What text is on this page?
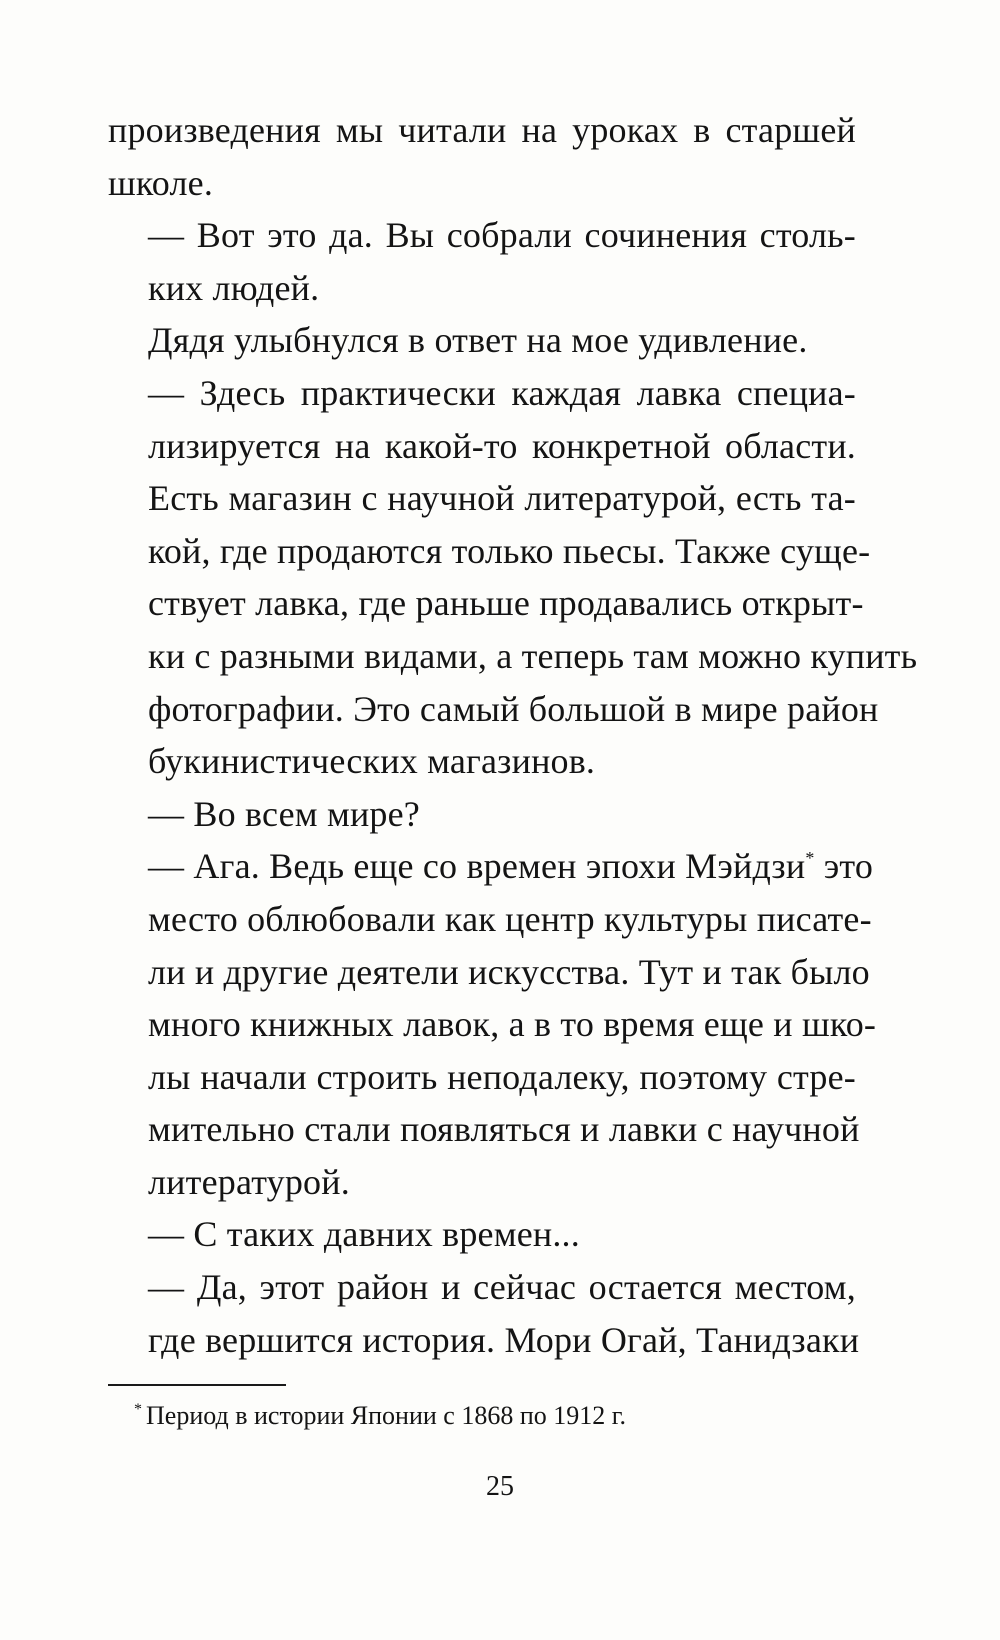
произведения мы читали на уроках в старшей
школе.

— Вот это да. Вы собрали сочинения столь-
ких людей.

Дядя улыбнулся в ответ на мое удивление.

— Здесь практически каждая лавка специа-
лизируется на какой-то конкретной области.
Есть магазин с научной литературой, есть та-
кой, где продаются только пьесы. Также суще-
ствует лавка, где раньше продавались открыт-
ки с разными видами, а теперь там можно купить
фотографии. Это самый большой в мире район
букинистических магазинов.

— Во всем мире?

— Ага. Ведь еще со времен эпохи Мэйдзи* это
место облюбовали как центр культуры писате-
ли и другие деятели искусства. Тут и так было
много книжных лавок, а в то время еще и шко-
лы начали строить неподалеку, поэтому стре-
мительно стали появляться и лавки с научной
литературой.

— С таких давних времен...

— Да, этот район и сейчас остается местом,
где вершится история. Мори Огай, Танидзаки

* Период в истории Японии с 1868 по 1912 г.
25
